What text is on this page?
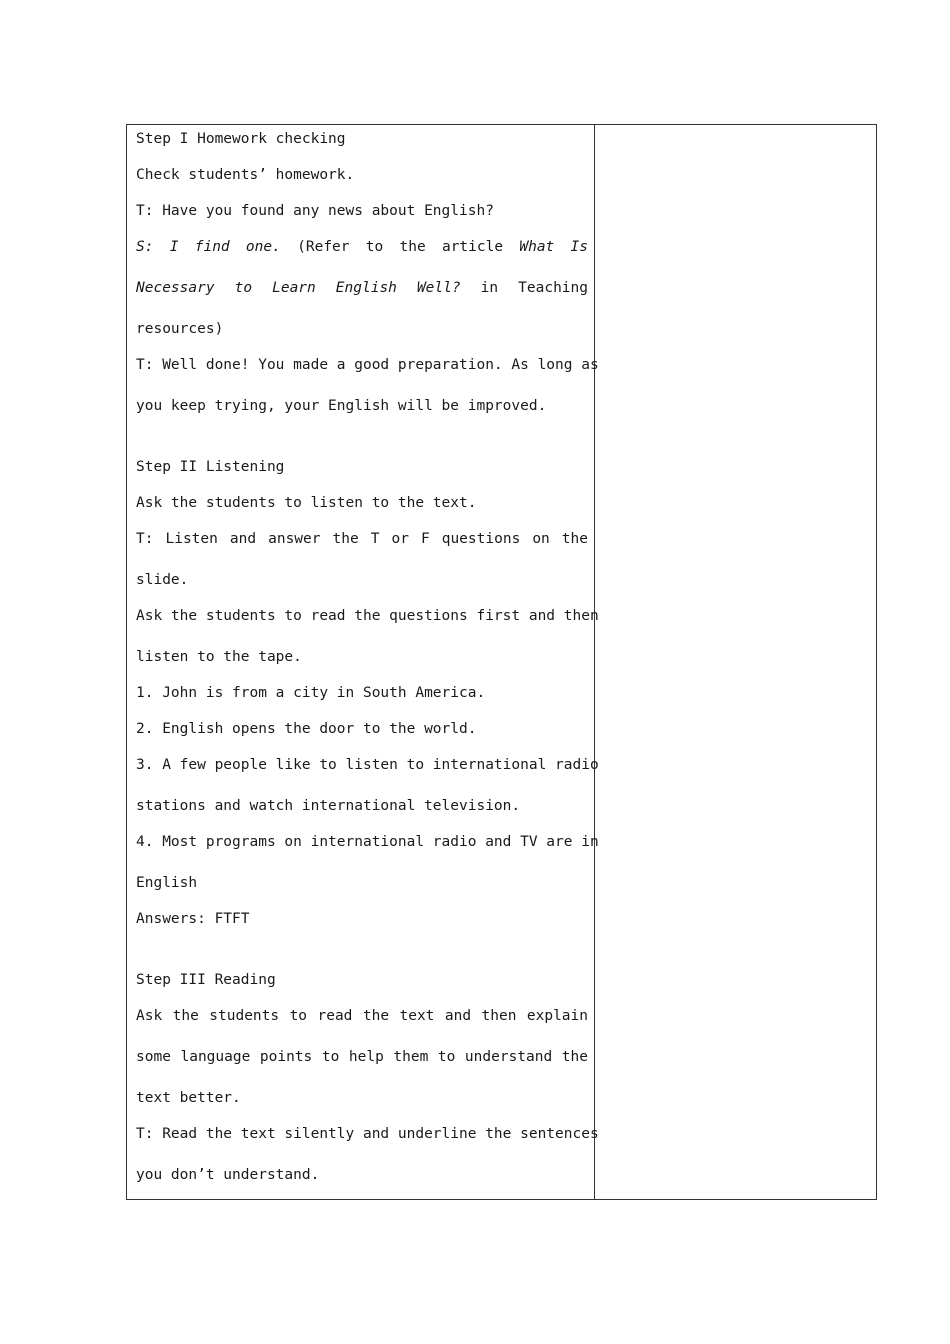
Step I Homework checking
Check students’ homework.
T: Have you found any news about English?
S: I find one. (Refer to the article What Is
Necessary to Learn English Well? in Teaching
resources)
T: Well done! You made a good preparation. As long as
you keep trying, your English will be improved.
Step II Listening
Ask the students to listen to the text.
T: Listen and answer the T or F questions on the
slide.
Ask the students to read the questions first and then
listen to the tape.
1. John is from a city in South America.
2. English opens the door to the world.
3. A few people like to listen to international radio
stations and watch international television.
4. Most programs on international radio and TV are in
English
Answers: FTFT
Step III Reading
Ask the students to read the text and then explain
some language points to help them to understand the
text better.
T: Read the text silently and underline the sentences
you don’t understand.
